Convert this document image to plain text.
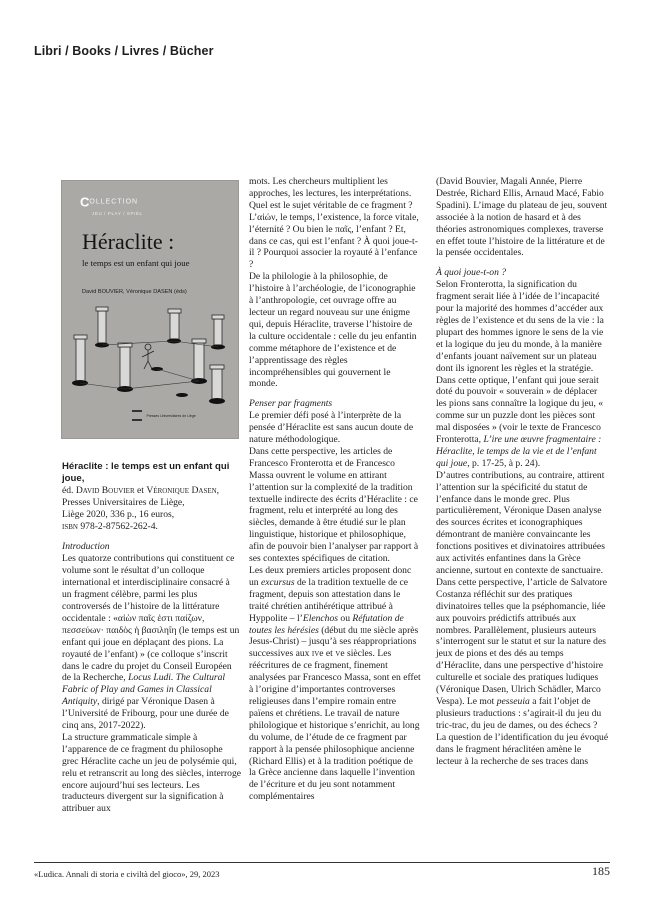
Libri / Books / Livres / Bücher
COLLECTION
JEU / PLAY / SPIEL
Héraclite :
le temps est un enfant qui joue
David BOUVIER, Véronique DASEN (éds)
Presses Universitaires de Liège

Héraclite : le temps est un enfant qui joue,
éd. David Bouvier et Véronique Dasen,
Presses Universitaires de Liège,
Liège 2020, 336 p., 16 euros,
isbn 978-2-87562-262-4.

Introduction

Les quatorze contributions qui constituent ce volume sont le résultat d’un colloque international et interdisciplinaire consacré à un fragment célèbre, parmi les plus controversés de l’histoire de la littérature occidentale : «αἰὼν παῖς ἐστι παίζων, πεσσεύων· παιδὸς ἡ βασιληΐη (le temps est un enfant qui joue en déplaçant des pions. La royauté de l’enfant) » (ce colloque s’inscrit dans le cadre du projet du Conseil Européen de la Recherche, Locus Ludi. The Cultural Fabric of Play and Games in Classical Antiquity, dirigé par Véronique Dasen à l’Université de Fribourg, pour une durée de cinq ans, 2017-2022).

La structure grammaticale simple à l’apparence de ce fragment du philosophe grec Héraclite cache un jeu de polysémie qui, relu et retranscrit au long des siècles, interroge encore aujourd’hui ses lecteurs. Les traducteurs divergent sur la signification à attribuer aux

mots. Les chercheurs multiplient les approches, les lectures, les interprétations. Quel est le sujet véritable de ce fragment ? L’αἰών, le temps, l’existence, la force vitale, l’éternité ? Ou bien le παῖς, l’enfant ? Et, dans ce cas, qui est l’enfant ? À quoi joue-t-il ? Pourquoi associer la royauté à l’enfance ?

De la philologie à la philosophie, de l’histoire à l’archéologie, de l’iconographie à l’anthropologie, cet ouvrage offre au lecteur un regard nouveau sur une énigme qui, depuis Héraclite, traverse l’histoire de la culture occidentale : celle du jeu enfantin comme métaphore de l’existence et de l’apprentissage des règles incompréhensibles qui gouvernent le monde.

Penser par fragments

Le premier défi posé à l’interprète de la pensée d’Héraclite est sans aucun doute de nature méthodologique.

Dans cette perspective, les articles de Francesco Fronterotta et de Francesco Massa ouvrent le volume en attirant l’attention sur la complexité de la tradition textuelle indirecte des écrits d’Héraclite : ce fragment, relu et interprété au long des siècles, demande à être étudié sur le plan linguistique, historique et philosophique, afin de pouvoir bien l’analyser par rapport à ses contextes spécifiques de citation.

Les deux premiers articles proposent donc un excursus de la tradition textuelle de ce fragment, depuis son attestation dans le traité chrétien antihérétique attribué à Hyppolite – l’Elenchos ou Réfutation de toutes les hérésies (début du iiie siècle après Jesus-Christ) – jusqu’à ses réappropriations successives aux ive et ve siècles. Les réécritures de ce fragment, finement analysées par Francesco Massa, sont en effet à l’origine d’importantes controverses religieuses dans l’empire romain entre païens et chrétiens. Le travail de nature philologique et historique s’enrichit, au long du volume, de l’étude de ce fragment par rapport à la pensée philosophique ancienne (Richard Ellis) et à la tradition poétique de la Grèce ancienne dans laquelle l’invention de l’écriture et du jeu sont notamment complémentaires

(David Bouvier, Magali Année, Pierre Destrée, Richard Ellis, Arnaud Macé, Fabio Spadini). L’image du plateau de jeu, souvent associée à la notion de hasard et à des théories astronomiques complexes, traverse en effet toute l’histoire de la littérature et de la pensée occidentales.

À quoi joue-t-on ?

Selon Fronterotta, la signification du fragment serait liée à l’idée de l’incapacité pour la majorité des hommes d’accéder aux règles de l’existence et du sens de la vie : la plupart des hommes ignore le sens de la vie et la logique du jeu du monde, à la manière d’enfants jouant naïvement sur un plateau dont ils ignorent les règles et la stratégie. Dans cette optique, l’enfant qui joue serait doté du pouvoir « souverain » de déplacer les pions sans connaître la logique du jeu, « comme sur un puzzle dont les pièces sont mal disposées » (voir le texte de Francesco Fronterotta, L’ire une œuvre fragmentaire : Héraclite, le temps de la vie et de l’enfant qui joue, p. 17-25, à p. 24).

D’autres contributions, au contraire, attirent l’attention sur la spécificité du statut de l’enfance dans le monde grec. Plus particulièrement, Véronique Dasen analyse des sources écrites et iconographiques démontrant de manière convaincante les fonctions positives et divinatoires attribuées aux activités enfantines dans la Grèce ancienne, surtout en contexte de sanctuaire.

Dans cette perspective, l’article de Salvatore Costanza réfléchit sur des pratiques divinatoires telles que la pséphomancie, liée aux pouvoirs prédictifs attribués aux nombres. Parallèlement, plusieurs auteurs s’interrogent sur le statut et sur la nature des jeux de pions et des dés au temps d’Héraclite, dans une perspective d’histoire culturelle et sociale des pratiques ludiques (Véronique Dasen, Ulrich Schädler, Marco Vespa). Le mot pesseuia a fait l’objet de plusieurs traductions : s’agirait-il du jeu du tric-trac, du jeu de dames, ou des échecs ? La question de l’identification du jeu évoqué dans le fragment héraclitéen amène le lecteur à la recherche de ses traces dans

«Ludica. Annali di storia e civiltà del gioco», 29, 2023	185
